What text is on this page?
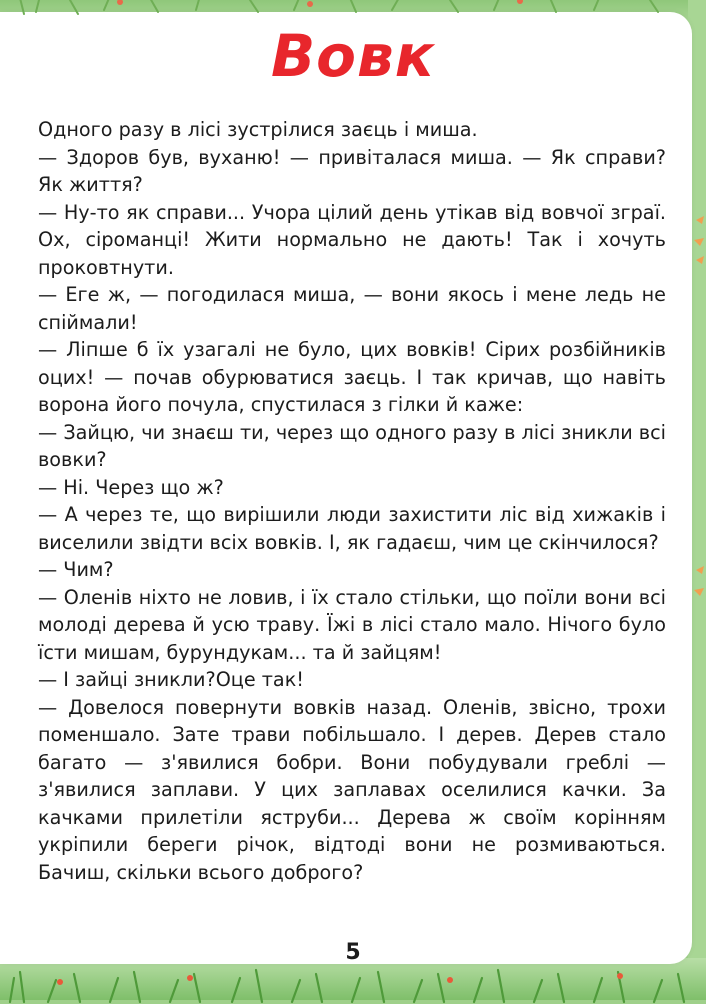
Вовк

Одного разу в лісі зустрілися заєць і миша.

— Здоров був, вуханю! — привіталася миша. — Як справи? Як життя?

— Ну-то як справи... Учора цілий день утікав від вовчої зграї. Ох, сіроманці! Жити нормально не дають! Так і хочуть проковтнути.

— Еге ж, — погодилася миша, — вони якось і мене ледь не спіймали!

— Ліпше б їх узагалі не було, цих вовків! Сірих розбійників оцих! — почав обурюватися заєць. І так кричав, що навіть ворона його почула, спустилася з гілки й каже:

— Зайцю, чи знаєш ти, через що одного разу в лісі зникли всі вовки?

— Ні. Через що ж?

— А через те, що вирішили люди захистити ліс від хижаків і виселили звідти всіх вовків. І, як гадаєш, чим це скінчилося?

— Чим?

— Оленів ніхто не ловив, і їх стало стільки, що поїли вони всі молоді дерева й усю траву. Їжі в лісі стало мало. Нічого було їсти мишам, бурундукам... та й зайцям!

— І зайці зникли?Оце так!

— Довелося повернути вовків назад. Оленів, звісно, трохи поменшало. Зате трави побільшало. І дерев. Дерев стало багато — з'явилися бобри. Вони побудували греблі — з'явилися заплави. У цих заплавах оселилися качки. За качками прилетіли яструби... Дерева ж своїм корінням укріпили береги річок, відтоді вони не розмиваються. Бачиш, скільки всього доброго?

5
